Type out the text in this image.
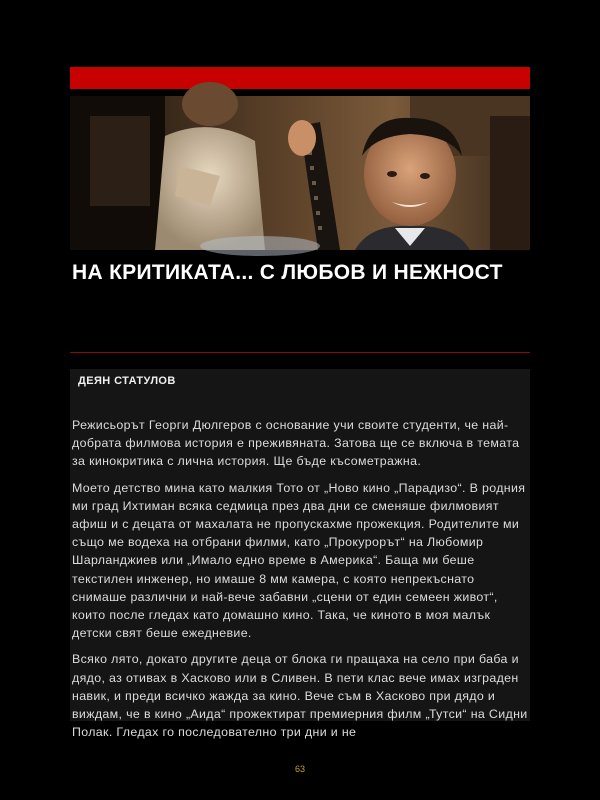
НА КРИТИКАТА... С ЛЮБОВ И НЕЖНОСТ

ДЕЯН СТАТУЛОВ

Режисьорът Георги Дюлгеров с основание учи своите студенти, че най-добрата филмова история е преживяната. Затова ще се включа в темата за кинокритика с лична история. Ще бъде късометражна.

Моето детство мина като малкия Тото от „Ново кино „Парадизо“. В родния ми град Ихтиман всяка седмица през два дни се сменяше филмовият афиш и с децата от махалата не пропускахме прожекция. Родителите ми също ме водеха на отбрани филми, като „Прокурорът“ на Любомир Шарланджиев или „Имало едно време в Америка“. Баща ми беше текстилен инженер, но имаше 8 мм камера, с която непрекъснато снимаше различни и най-вече забавни „сцени от един семеен живот“, които после гледах като домашно кино. Така, че киното в моя малък детски свят беше ежедневие.

Всяко лято, докато другите деца от блока ги пращаха на село при баба и дядо, аз отивах в Хасково или в Сливен. В пети клас вече имах изграден навик, и преди всичко жажда за кино. Вече съм в Хасково при дядо и виждам, че в кино „Аида“ прожектират премиерния филм „Тутси“ на Сидни Полак. Гледах го последователно три дни и не

63
